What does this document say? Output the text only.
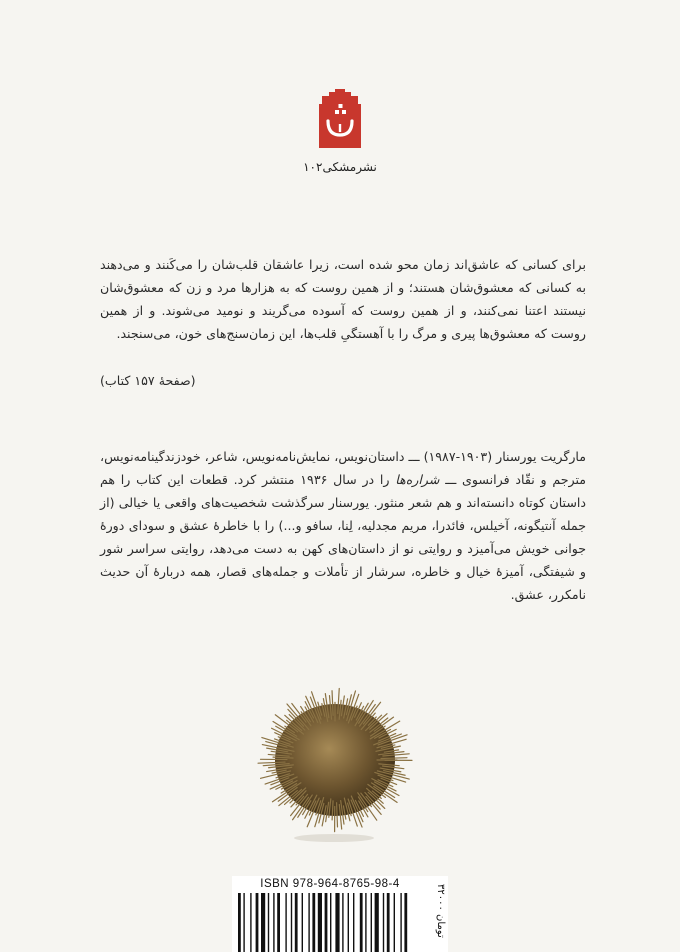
نشرمشکی۱۰۲

برای کسانی که عاشق‌اند زمان محو شده است، زیرا عاشقان قلب‌شان را می‌کَنند و می‌دهند به کسانی که معشوق‌شان هستند؛ و از همین روست که به هزارها مرد و زن که معشوق‌شان نیستند اعتنا نمی‌کنند، و از همین روست که آسوده می‌گریند و نومید می‌شوند. و از همین روست که معشوق‌ها پیری و مرگ را با آهستگیِ قلب‌ها، این زمان‌سنج‌های خون، می‌سنجند.

(صفحهٔ ۱۵۷ کتاب)

مارگریت یورسنار (۱۹۰۳-۱۹۸۷) ـــ داستان‌نویس، نمایش‌نامه‌نویس، شاعر، خودزندگینامه‌نویس، مترجم و نقّاد فرانسوی ـــ شراره‌ها را در سال ۱۹۳۶ منتشر کرد. قطعات این کتاب را هم داستان کوتاه دانسته‌اند و هم شعر منثور. یورسنار سرگذشت شخصیت‌های واقعی یا خیالی (از جمله آنتیگونه، آخیلس، فائدرا، مریم مجدلیه، لِنا، سافو و...) را با خاطرهٔ عشق و سودای دورهٔ جوانی خویش می‌آمیزد و روایتی نو از داستان‌های کهن به دست می‌دهد، روایتی سراسر شور و شیفتگی، آمیزهٔ خیال و خاطره، سرشار از تأملات و جمله‌های قصار، همه دربارهٔ آن حدیث نامکرر، عشق.

ISBN 978-964-8765-98-4	۳۲۰۰۰ تومان
